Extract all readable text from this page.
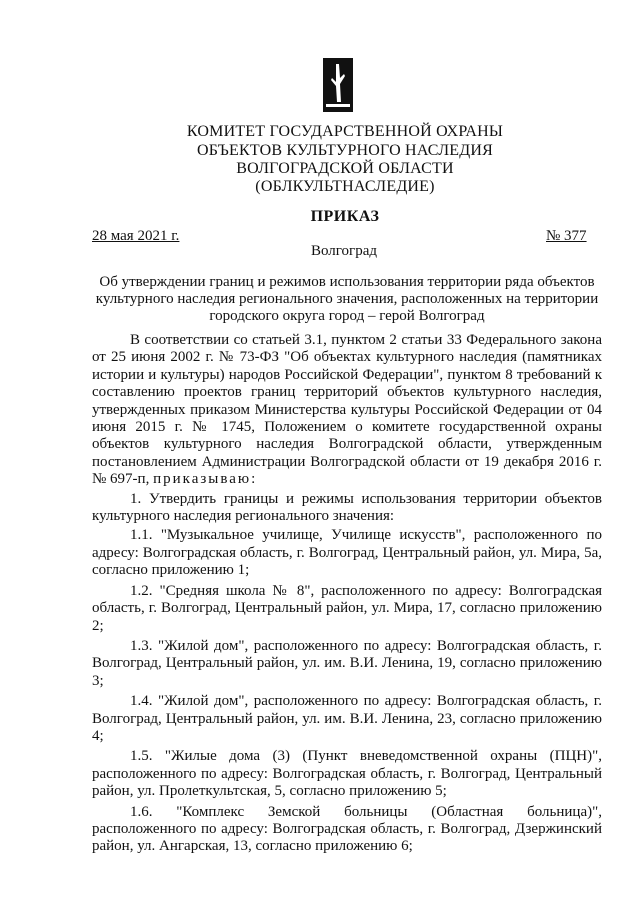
КОМИТЕТ ГОСУДАРСТВЕННОЙ ОХРАНЫ
ОБЪЕКТОВ КУЛЬТУРНОГО НАСЛЕДИЯ
ВОЛГОГРАДСКОЙ ОБЛАСТИ
(ОБЛКУЛЬТНАСЛЕДИЕ)
ПРИКАЗ
28 мая 2021 г.	№ 377
Волгоград
Об утверждении границ и режимов использования территории ряда объектов культурного наследия регионального значения, расположенных на территории городского округа город – герой Волгоград

В соответствии со статьей 3.1, пунктом 2 статьи 33 Федерального закона от 25 июня 2002 г. № 73-ФЗ "Об объектах культурного наследия (памятниках истории и культуры) народов Российской Федерации", пунктом 8 требований к составлению проектов границ территорий объектов культурного наследия, утвержденных приказом Министерства культуры Российской Федерации от 04 июня 2015 г. № 1745, Положением о комитете государственной охраны объектов культурного наследия Волгоградской области, утвержденным постановлением Администрации Волгоградской области от 19 декабря 2016 г. № 697-п, приказываю:

1. Утвердить границы и режимы использования территории объектов культурного наследия регионального значения:

1.1. "Музыкальное училище, Училище искусств", расположенного по адресу: Волгоградская область, г. Волгоград, Центральный район, ул. Мира, 5а, согласно приложению 1;

1.2. "Средняя школа № 8", расположенного по адресу: Волгоградская область, г. Волгоград, Центральный район, ул. Мира, 17, согласно приложению 2;

1.3. "Жилой дом", расположенного по адресу: Волгоградская область, г. Волгоград, Центральный район, ул. им. В.И. Ленина, 19, согласно приложению 3;

1.4. "Жилой дом", расположенного по адресу: Волгоградская область, г. Волгоград, Центральный район, ул. им. В.И. Ленина, 23, согласно приложению 4;

1.5. "Жилые дома (3) (Пункт вневедомственной охраны (ПЦН)", расположенного по адресу: Волгоградская область, г. Волгоград, Центральный район, ул. Пролеткультская, 5, согласно приложению 5;

1.6. "Комплекс Земской больницы (Областная больница)", расположенного по адресу: Волгоградская область, г. Волгоград, Дзержинский район, ул. Ангарская, 13, согласно приложению 6;
